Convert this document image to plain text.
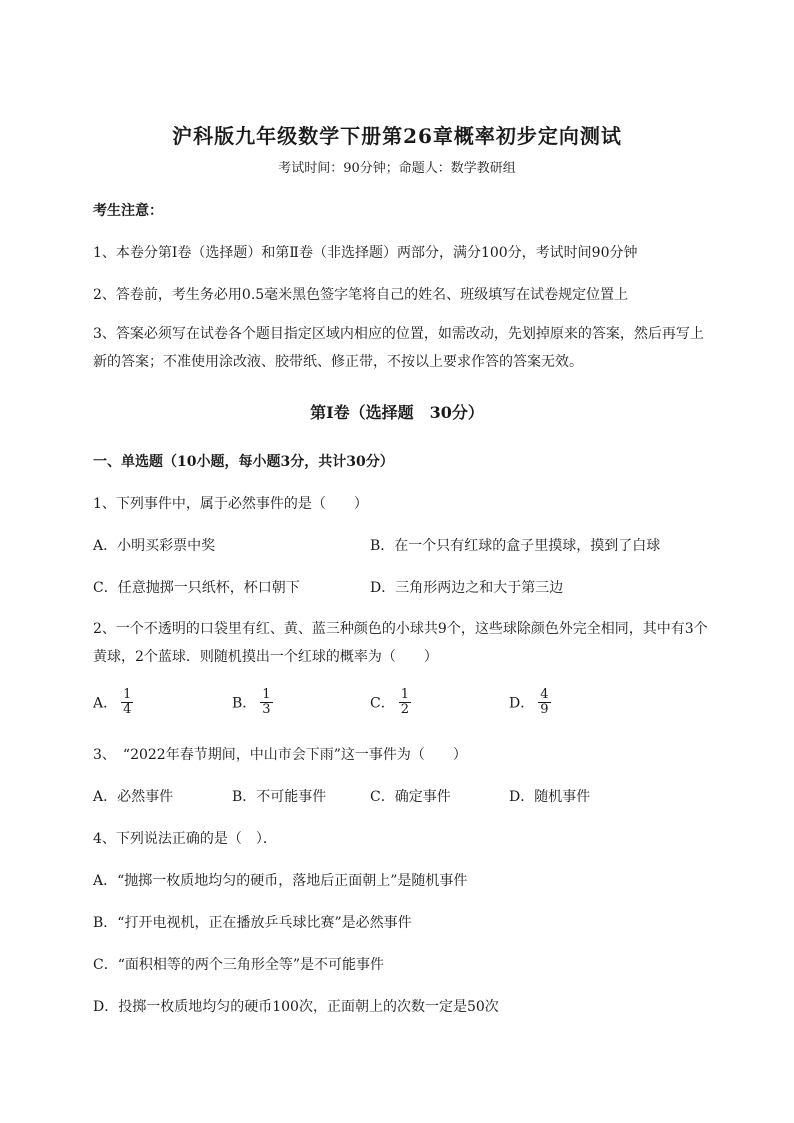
沪科版九年级数学下册第26章概率初步定向测试
考试时间：90分钟；命题人：数学教研组
考生注意：
1、本卷分第I卷（选择题）和第Ⅱ卷（非选择题）两部分，满分100分，考试时间90分钟
2、答卷前，考生务必用0.5毫米黑色签字笔将自己的姓名、班级填写在试卷规定位置上
3、答案必须写在试卷各个题目指定区域内相应的位置，如需改动，先划掉原来的答案，然后再写上新的答案；不准使用涂改液、胶带纸、修正带，不按以上要求作答的答案无效。
第I卷（选择题　30分）
一、单选题（10小题，每小题3分，共计30分）
1、下列事件中，属于必然事件的是（　　）
A．小明买彩票中奖	B．在一个只有红球的盒子里摸球，摸到了白球
C．任意抛掷一只纸杯，杯口朝下	D．三角形两边之和大于第三边
2、一个不透明的口袋里有红、黄、蓝三种颜色的小球共9个，这些球除颜色外完全相同，其中有3个黄球，2个蓝球．则随机摸出一个红球的概率为（　　）
A． $\frac{1}{4}$	B． $\frac{1}{3}$	C． $\frac{1}{2}$	D． $\frac{4}{9}$
3、　“2022年春节期间，中山市会下雨”这一事件为（　　）
A．必然事件	B．不可能事件	C．确定事件	D．随机事件
4、下列说法正确的是（　）．
A．“抛掷一枚质地均匀的硬币，落地后正面朝上”是随机事件
B．“打开电视机，正在播放乒乓球比赛”是必然事件
C．“面积相等的两个三角形全等”是不可能事件
D．投掷一枚质地均匀的硬币100次，正面朝上的次数一定是50次
